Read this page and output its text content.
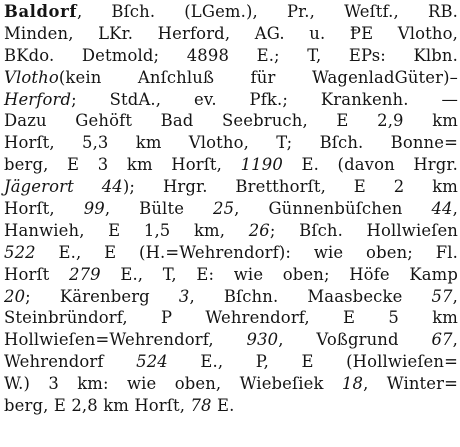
Baldorf, Bſch. (LGem.), Pr., Weſtf., RB.
Minden, LKr. Herford, AG. u. ⱣE Vlotho,
BKdo. Detmold; 4898 E.; T, EPs: Klbn.
Vlotho(kein Anſchluß für WagenladGüter)–
Herford; StdA., ev. Pfk.; Krankenh. —
Dazu Gehöft Bad Seebruch, E 2,9 km
Horſt, 5,3 km Vlotho, T; Bſch. Bonne=
berg, E 3 km Horſt, 1190 E. (davon Hrgr.
Jägerort 44); Hrgr. Bretthorſt, E 2 km
Horſt, 99, Bülte 25, Günnenbüſchen 44,
Hanwieh, E 1,5 km, 26; Bſch. Hollwieſen
522 E., E (H.=Wehrendorf): wie oben; Fl.
Horſt 279 E., T, E: wie oben; Höfe Kamp
20; Kärenberg 3, Bſchn. Maasbecke 57,
Steinbründorf, P Wehrendorf, E 5 km
Hollwieſen=Wehrendorf, 930, Voßgrund 67,
Wehrendorf 524 E., P, E (Hollwieſen=
W.) 3 km: wie oben, Wiebeſiek 18, Winter=
berg, E 2,8 km Horſt, 78 E.
